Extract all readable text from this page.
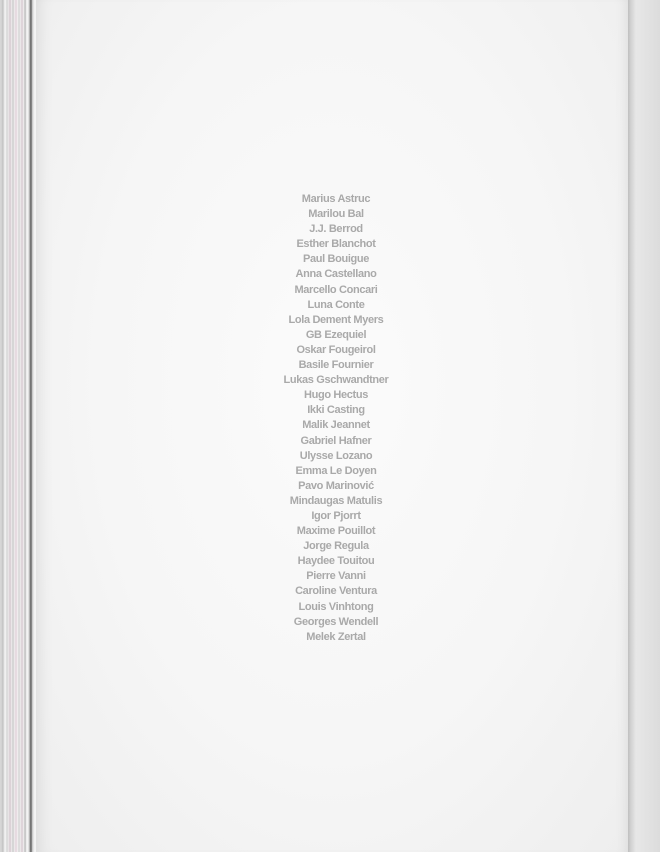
Marius Astruc
Marilou Bal
J.J. Berrod
Esther Blanchot
Paul Bouigue
Anna Castellano
Marcello Concari
Luna Conte
Lola Dement Myers
GB Ezequiel
Oskar Fougeirol
Basile Fournier
Lukas Gschwandtner
Hugo Hectus
Ikki Casting
Malik Jeannet
Gabriel Hafner
Ulysse Lozano
Emma Le Doyen
Pavo Marinović
Mindaugas Matulis
Igor Pjorrt
Maxime Pouillot
Jorge Regula
Haydee Touitou
Pierre Vanni
Caroline Ventura
Louis Vinhtong
Georges Wendell
Melek Zertal
